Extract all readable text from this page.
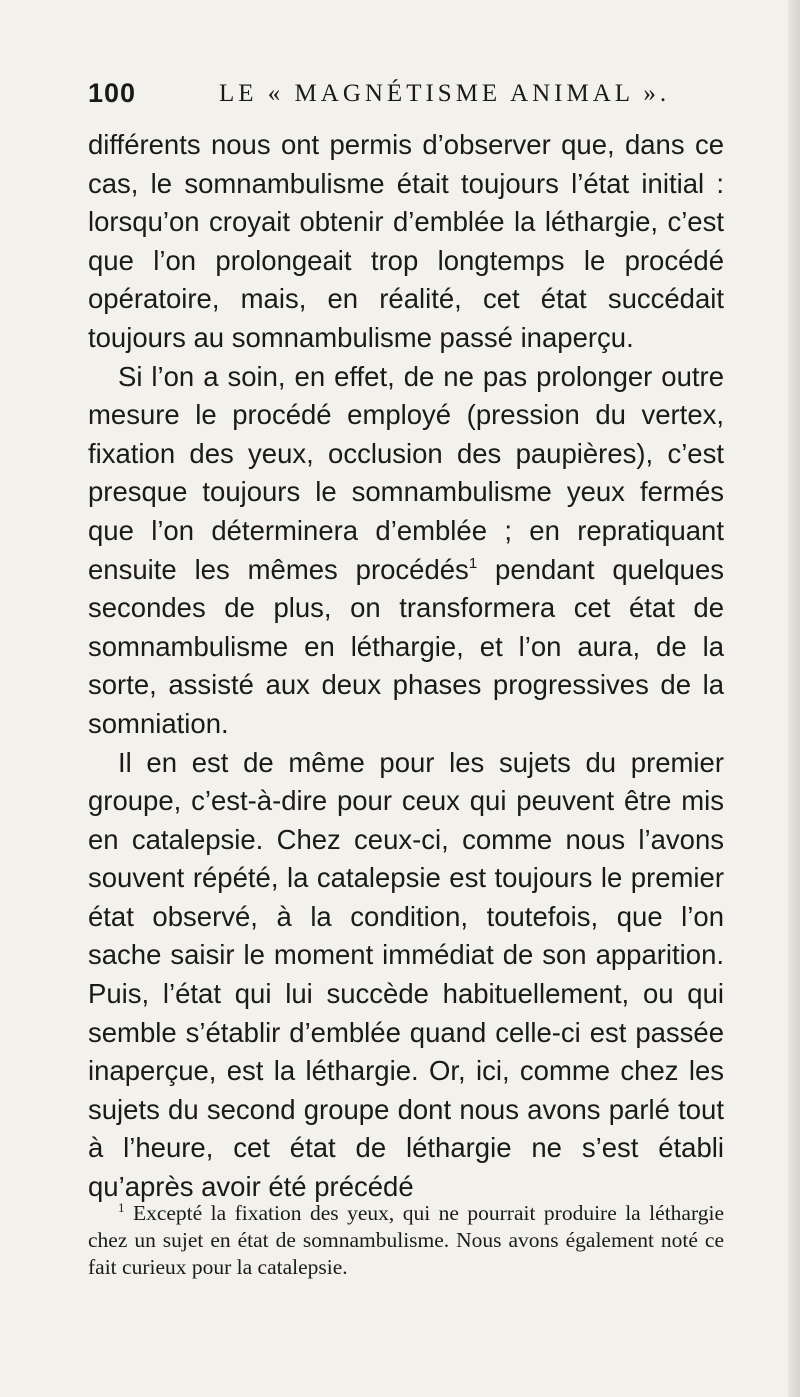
100	LE « MAGNÉTISME ANIMAL ».

différents nous ont permis d’observer que, dans ce cas, le somnambulisme était toujours l’état initial : lorsqu’on croyait obtenir d’emblée la léthargie, c’est que l’on prolongeait trop longtemps le procédé opératoire, mais, en réalité, cet état succédait toujours au somnambulisme passé inaperçu.

Si l’on a soin, en effet, de ne pas prolonger outre mesure le procédé employé (pression du vertex, fixation des yeux, occlusion des paupières), c’est presque toujours le somnambulisme yeux fermés que l’on déterminera d’emblée ; en repratiquant ensuite les mêmes procédés$^1$ pendant quelques secondes de plus, on transformera cet état de somnambulisme en léthargie, et l’on aura, de la sorte, assisté aux deux phases progressives de la somniation.

Il en est de même pour les sujets du premier groupe, c’est-à-dire pour ceux qui peuvent être mis en catalepsie. Chez ceux-ci, comme nous l’avons souvent répété, la catalepsie est toujours le premier état observé, à la condition, toutefois, que l’on sache saisir le moment immédiat de son apparition. Puis, l’état qui lui succède habituellement, ou qui semble s’établir d’emblée quand celle-ci est passée inaperçue, est la léthargie. Or, ici, comme chez les sujets du second groupe dont nous avons parlé tout à l’heure, cet état de léthargie ne s’est établi qu’après avoir été précédé

$^1$ Excepté la fixation des yeux, qui ne pourrait produire la léthargie chez un sujet en état de somnambulisme. Nous avons également noté ce fait curieux pour la catalepsie.
